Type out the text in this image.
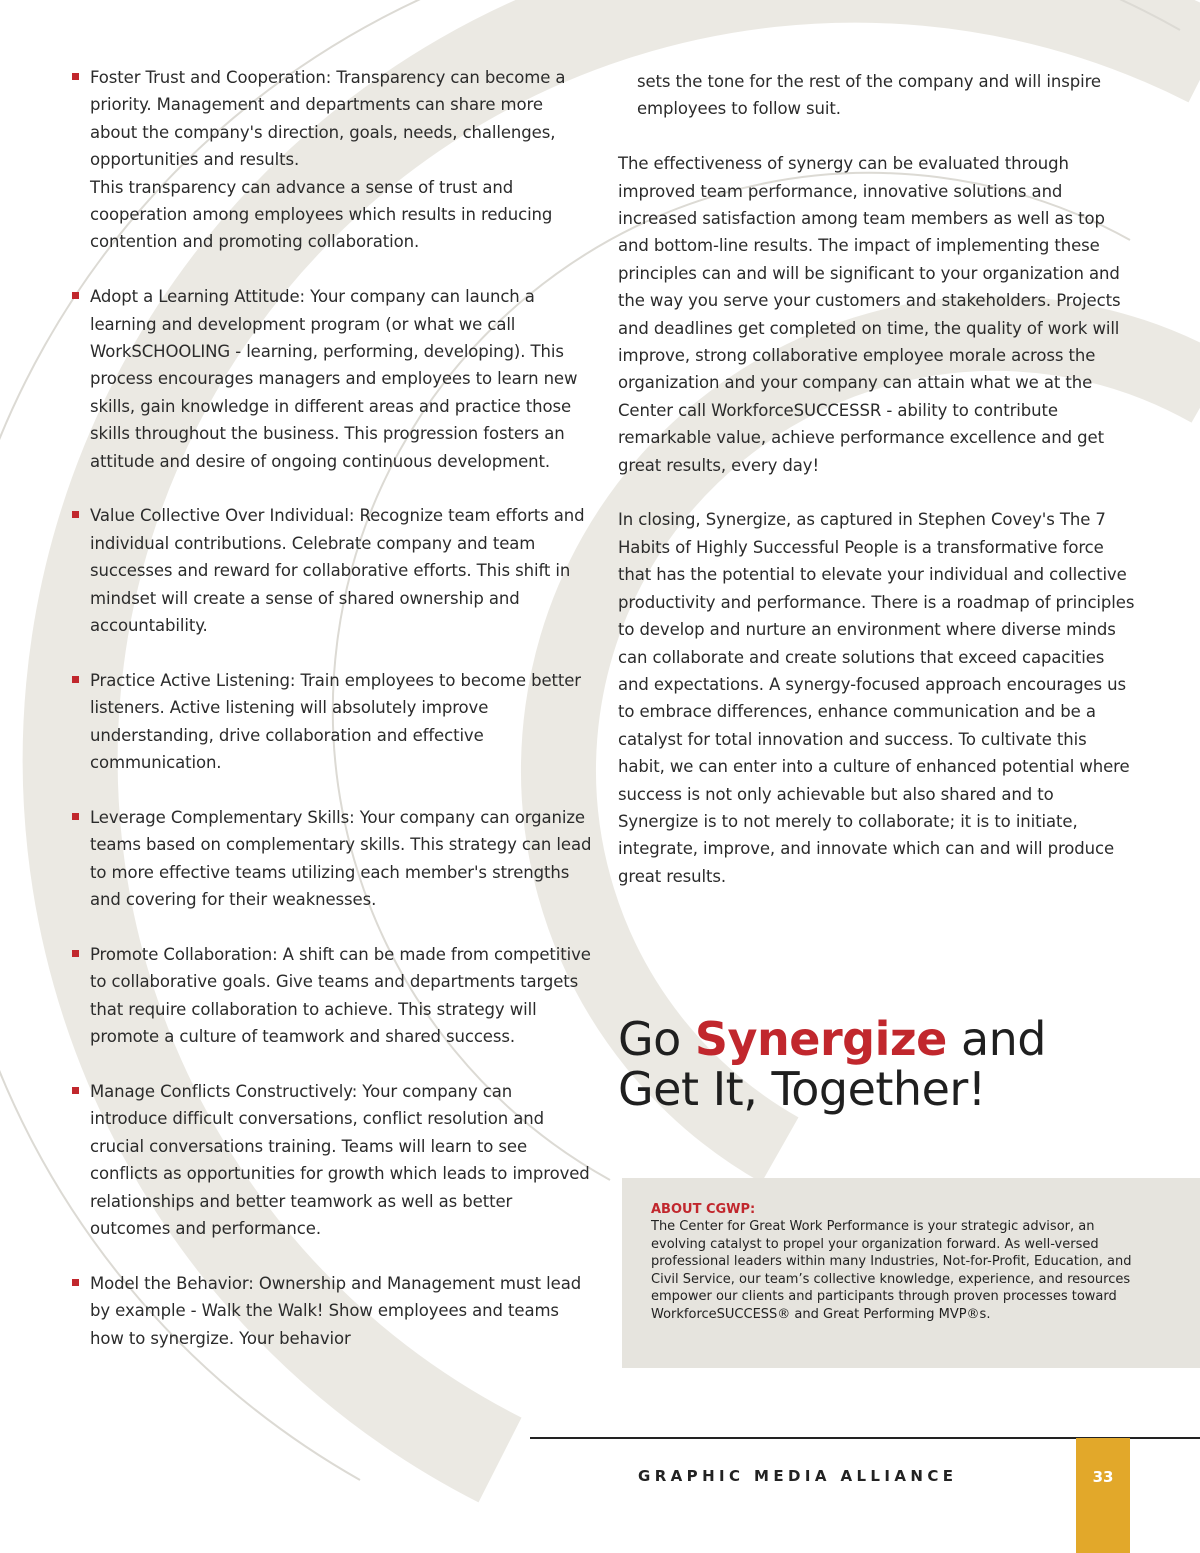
Foster Trust and Cooperation: Transparency can become a priority. Management and departments can share more about the company's direction, goals, needs, challenges, opportunities and results.
This transparency can advance a sense of trust and cooperation among employees which results in reducing contention and promoting collaboration.
Adopt a Learning Attitude: Your company can launch a learning and development program (or what we call WorkSCHOOLING - learning, performing, developing). This process encourages managers and employees to learn new skills, gain knowledge in different areas and practice those skills throughout the business. This progression fosters an attitude and desire of ongoing continuous development.
Value Collective Over Individual: Recognize team efforts and individual contributions. Celebrate company and team successes and reward for collaborative efforts. This shift in mindset will create a sense of shared ownership and accountability.
Practice Active Listening: Train employees to become better listeners. Active listening will absolutely improve understanding, drive collaboration and effective communication.
Leverage Complementary Skills: Your company can organize teams based on complementary skills. This strategy can lead to more effective teams utilizing each member's strengths and covering for their weaknesses.
Promote Collaboration: A shift can be made from competitive to collaborative goals. Give teams and departments targets that require collaboration to achieve. This strategy will promote a culture of teamwork and shared success.
Manage Conflicts Constructively: Your company can introduce difficult conversations, conflict resolution and crucial conversations training. Teams will learn to see conflicts as opportunities for growth which leads to improved relationships and better teamwork as well as better outcomes and performance.
Model the Behavior: Ownership and Management must lead by example - Walk the Walk! Show employees and teams how to synergize. Your behavior

sets the tone for the rest of the company and will inspire employees to follow suit.

The effectiveness of synergy can be evaluated through improved team performance, innovative solutions and increased satisfaction among team members as well as top and bottom-line results. The impact of implementing these principles can and will be significant to your organization and the way you serve your customers and stakeholders. Projects and deadlines get completed on time, the quality of work will improve, strong collaborative employee morale across the organization and your company can attain what we at the Center call WorkforceSUCCESSR - ability to contribute remarkable value, achieve performance excellence and get great results, every day!

In closing, Synergize, as captured in Stephen Covey's The 7 Habits of Highly Successful People is a transformative force that has the potential to elevate your individual and collective productivity and performance. There is a roadmap of principles to develop and nurture an environment where diverse minds can collaborate and create solutions that exceed capacities and expectations. A synergy-focused approach encourages us to embrace differences, enhance communication and be a catalyst for total innovation and success. To cultivate this habit, we can enter into a culture of enhanced potential where success is not only achievable but also shared and to Synergize is to not merely to collaborate; it is to initiate, integrate, improve, and innovate which can and will produce great results.

Go Synergize and
Get It, Together!
ABOUT CGWP:
The Center for Great Work Performance is your strategic advisor, an evolving catalyst to propel your organization forward. As well-versed professional leaders within many Industries, Not-for-Profit, Education, and Civil Service, our team’s collective knowledge, experience, and resources empower our clients and participants through proven processes toward WorkforceSUCCESS® and Great Performing MVP®s.
GRAPHIC MEDIA ALLIANCE	33
